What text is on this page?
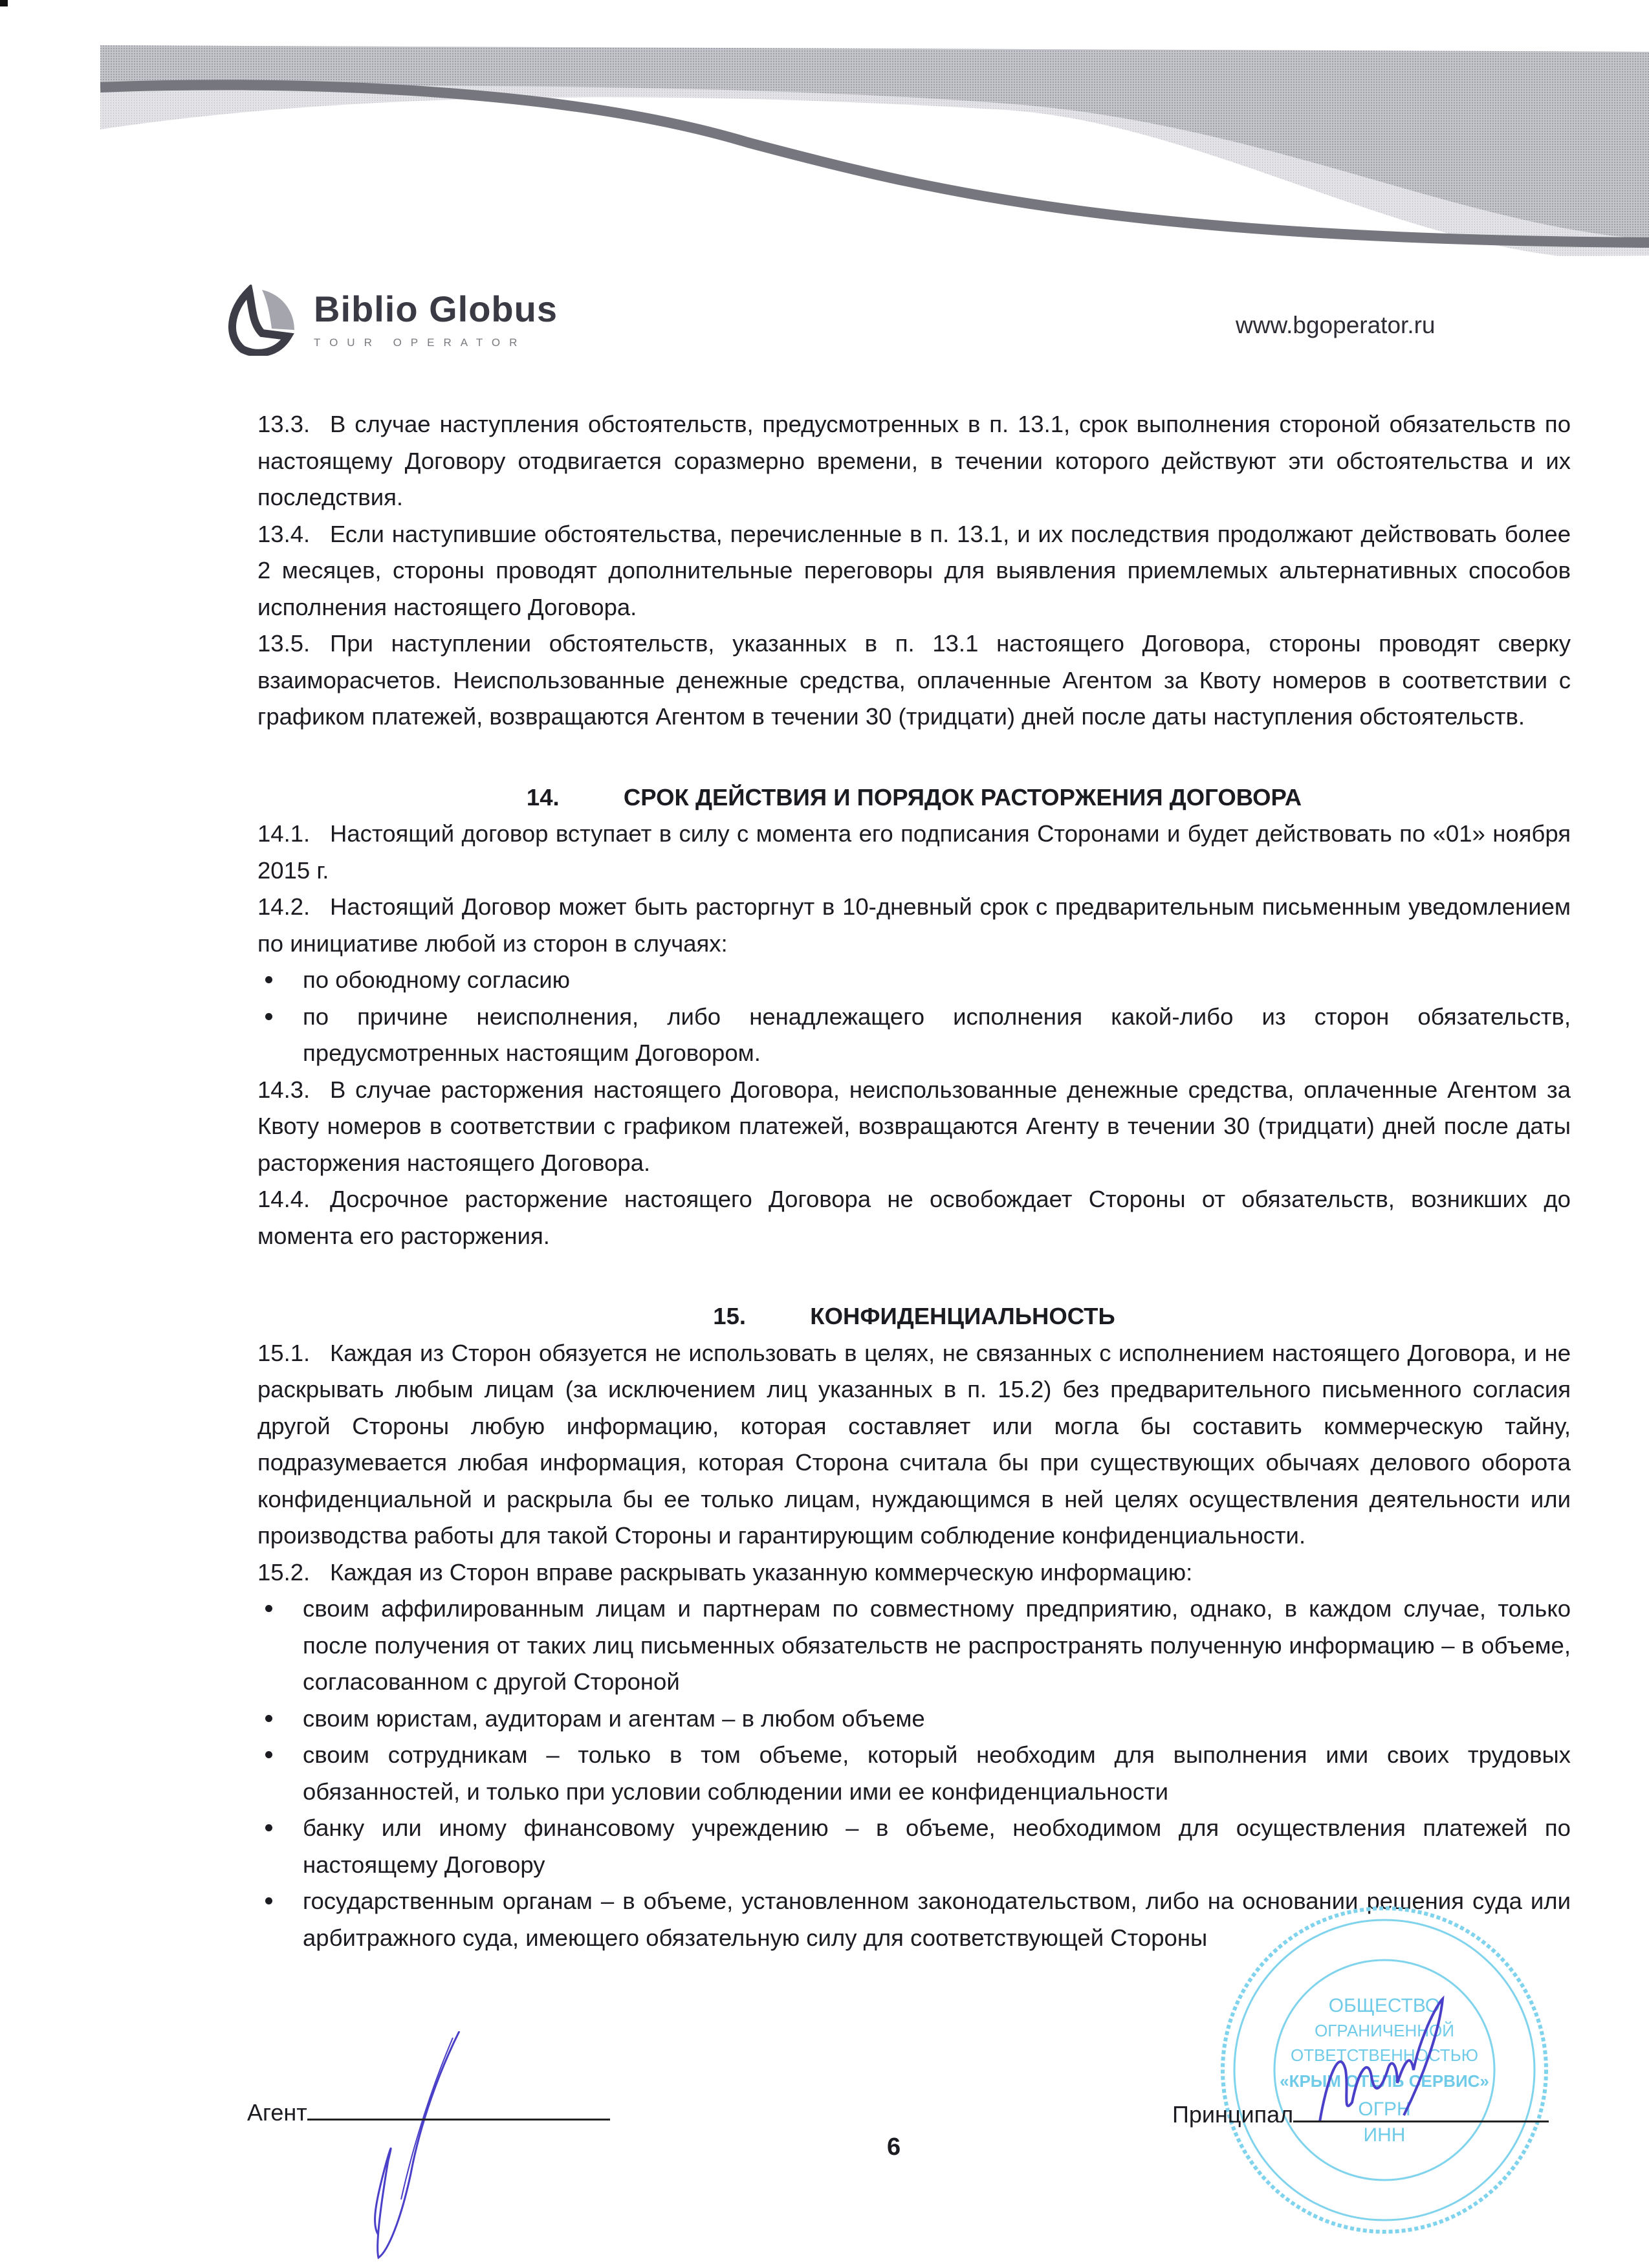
Biblio Globus
TOUR OPERATOR
www.bgoperator.ru

13.3. В случае наступления обстоятельств, предусмотренных в п. 13.1, срок выполнения стороной обязательств по настоящему Договору отодвигается соразмерно времени, в течении которого действуют эти обстоятельства и их последствия.

13.4. Если наступившие обстоятельства, перечисленные в п. 13.1, и их последствия продолжают действовать более 2 месяцев, стороны проводят дополнительные переговоры для выявления приемлемых альтернативных способов исполнения настоящего Договора.

13.5. При наступлении обстоятельств, указанных в п. 13.1 настоящего Договора, стороны проводят сверку взаиморасчетов. Неиспользованные денежные средства, оплаченные Агентом за Квоту номеров в соответствии с графиком платежей, возвращаются Агентом в течении 30 (тридцати) дней после даты наступления обстоятельств.

14.	СРОК ДЕЙСТВИЯ И ПОРЯДОК РАСТОРЖЕНИЯ ДОГОВОРА

14.1. Настоящий договор вступает в силу с момента его подписания Сторонами и будет действовать по «01» ноября 2015 г.

14.2. Настоящий Договор может быть расторгнут в 10-дневный срок с предварительным письменным уведомлением по инициативе любой из сторон в случаях:

по обоюдному согласию

по причине неисполнения, либо ненадлежащего исполнения какой-либо из сторон обязательств, предусмотренных настоящим Договором.

14.3. В случае расторжения настоящего Договора, неиспользованные денежные средства, оплаченные Агентом за Квоту номеров в соответствии с графиком платежей, возвращаются Агенту в течении 30 (тридцати) дней после даты расторжения настоящего Договора.

14.4. Досрочное расторжение настоящего Договора не освобождает Стороны от обязательств, возникших до момента его расторжения.

15.	КОНФИДЕНЦИАЛЬНОСТЬ

15.1. Каждая из Сторон обязуется не использовать в целях, не связанных с исполнением настоящего Договора, и не раскрывать любым лицам (за исключением лиц указанных в п. 15.2) без предварительного письменного согласия другой Стороны любую информацию, которая составляет или могла бы составить коммерческую тайну, подразумевается любая информация, которая Сторона считала бы при существующих обычаях делового оборота конфиденциальной и раскрыла бы ее только лицам, нуждающимся в ней целях осуществления деятельности или производства работы для такой Стороны и гарантирующим соблюдение конфиденциальности.

15.2. Каждая из Сторон вправе раскрывать указанную коммерческую информацию:

своим аффилированным лицам и партнерам по совместному предприятию, однако, в каждом случае, только после получения от таких лиц письменных обязательств не распространять полученную информацию – в объеме, согласованном с другой Стороной

своим юристам, аудиторам и агентам – в любом объеме

своим сотрудникам – только в том объеме, который необходим для выполнения ими своих трудовых обязанностей, и только при условии соблюдении ими ее конфиденциальности

банку или иному финансовому учреждению – в объеме, необходимом для осуществления платежей по настоящему Договору

государственным органам – в объеме, установленном законодательством, либо на основании решения суда или арбитражного суда, имеющего обязательную силу для соответствующей Стороны

ОБЩЕСТВО
ОГРАНИЧЕННОЙ
ОТВЕТСТВЕННОСТЬЮ
«КРЫМ ОТЕЛЬ СЕРВИС»
ОГРН
ИНН
Агент	Принципал
6
